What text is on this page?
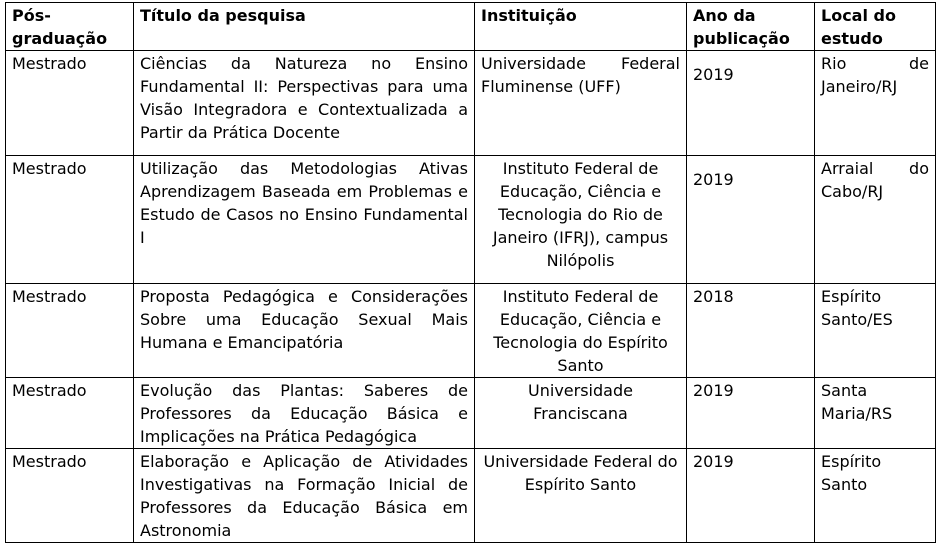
Pós-graduação	Título da pesquisa	Instituição	Ano da publicação	Local do estudo
Mestrado	Ciências da Natureza no Ensino Fundamental II: Perspectivas para uma Visão Integradora e Contextualizada a Partir da Prática Docente	Universidade Federal Fluminense (UFF)	2019	Rio de Janeiro/RJ
Mestrado	Utilização das Metodologias Ativas Aprendizagem Baseada em Problemas e Estudo de Casos no Ensino Fundamental I	Instituto Federal de Educação, Ciência e Tecnologia do Rio de Janeiro (IFRJ), campus Nilópolis	2019	Arraial do Cabo/RJ
Mestrado	Proposta Pedagógica e Considerações Sobre uma Educação Sexual Mais Humana e Emancipatória	Instituto Federal de Educação, Ciência e Tecnologia do Espírito Santo	2018	Espírito Santo/ES
Mestrado	Evolução das Plantas: Saberes de Professores da Educação Básica e Implicações na Prática Pedagógica	Universidade Franciscana	2019	Santa Maria/RS
Mestrado	Elaboração e Aplicação de Atividades Investigativas na Formação Inicial de Professores da Educação Básica em Astronomia	Universidade Federal do Espírito Santo	2019	Espírito Santo
